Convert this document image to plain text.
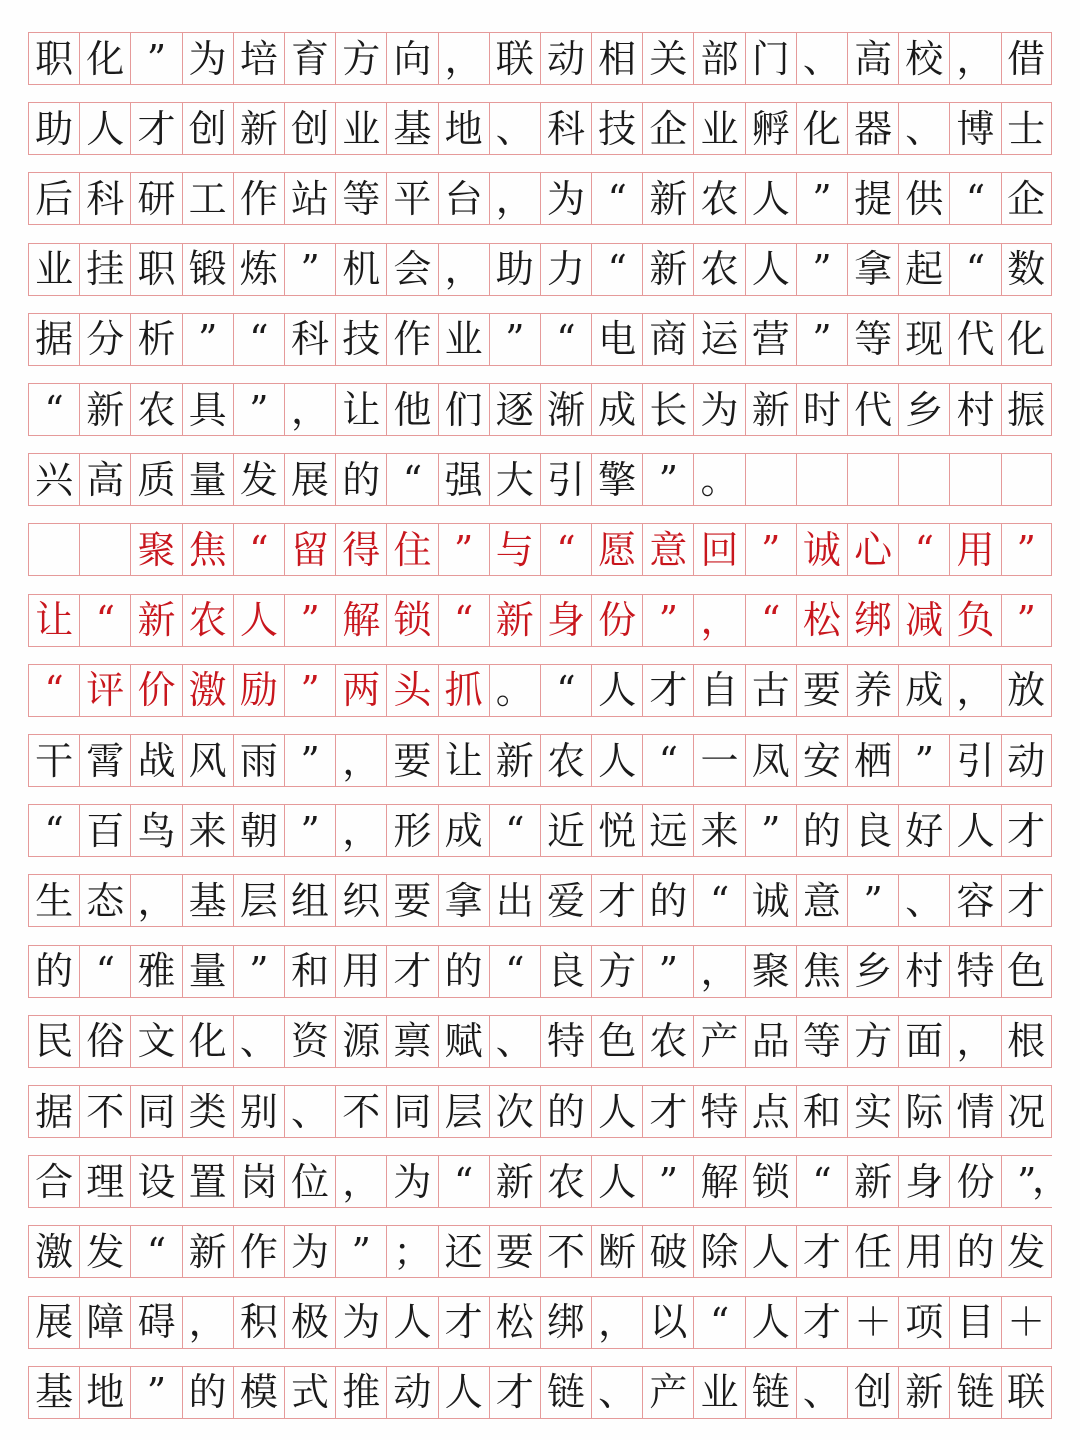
职 化 ” 为 培 育 方 向 ， 联 动 相 关 部 门 、 高 校 ， 借
助 人 才 创 新 创 业 基 地 、 科 技 企 业 孵 化 器 、 博 士
后 科 研 工 作 站 等 平 台 ， 为 “ 新 农 人 ” 提 供 “ 企
业 挂 职 锻 炼 ” 机 会 ， 助 力 “ 新 农 人 ” 拿 起 “ 数
据 分 析 ” “ 科 技 作 业 ” “ 电 商 运 营 ” 等 现 代 化
“ 新 农 具 ” ， 让 他 们 逐 渐 成 长 为 新 时 代 乡 村 振
兴 高 质 量 发 展 的 “ 强 大 引 擎 ” 。
聚 焦 “ 留 得 住 ” 与 “ 愿 意 回 ” 诚 心 “ 用 ”
让 “ 新 农 人 ” 解 锁 “ 新 身 份 ” ， “ 松 绑 减 负 ”
“ 评 价 激 励 ” 两 头 抓 。 “ 人 才 自 古 要 养 成 ， 放
干 霄 战 风 雨 ” ， 要 让 新 农 人 “ 一 凤 安 栖 ” 引 动
“ 百 鸟 来 朝 ” ， 形 成 “ 近 悦 远 来 ” 的 良 好 人 才
生 态 ， 基 层 组 织 要 拿 出 爱 才 的 “ 诚 意 ” 、 容 才
的 “ 雅 量 ” 和 用 才 的 “ 良 方 ” ， 聚 焦 乡 村 特 色
民 俗 文 化 、 资 源 禀 赋 、 特 色 农 产 品 等 方 面 ， 根
据 不 同 类 别 、 不 同 层 次 的 人 才 特 点 和 实 际 情 况
合 理 设 置 岗 位 ， 为 “ 新 农 人 ” 解 锁 “ 新 身 份 ”
，
激 发 “ 新 作 为 ” ； 还 要 不 断 破 除 人 才 任 用 的 发
展 障 碍 ， 积 极 为 人 才 松 绑 ， 以 “ 人 才 ＋ 项 目 ＋
基 地 ” 的 模 式 推 动 人 才 链 、 产 业 链 、 创 新 链 联
